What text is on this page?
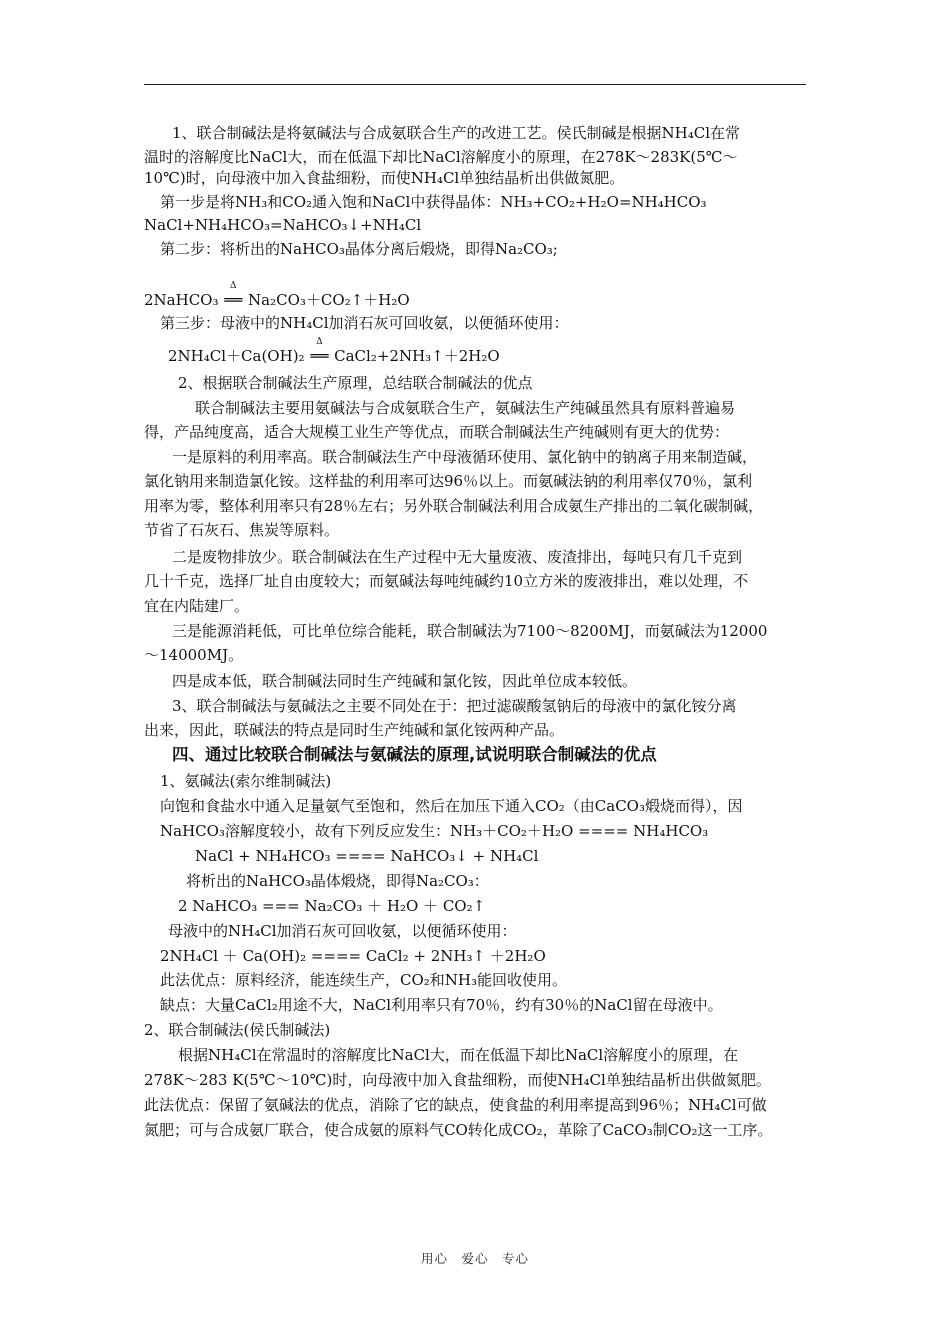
1、联合制碱法是将氨碱法与合成氨联合生产的改进工艺。侯氏制碱是根据NH₄Cl在常
温时的溶解度比NaCl大，而在低温下却比NaCl溶解度小的原理，在278K～283K(5℃～
10℃)时，向母液中加入食盐细粉，而使NH₄Cl单独结晶析出供做氮肥。
第一步是将NH₃和CO₂通入饱和NaCl中获得晶体：NH₃+CO₂+H₂O=NH₄HCO₃
NaCl+NH₄HCO₃=NaHCO₃↓+NH₄Cl
第二步：将析出的NaHCO₃晶体分离后煅烧，即得Na₂CO₃;
2NaHCO₃
Δ
══ Na₂CO₃＋CO₂↑＋H₂O
第三步：母液中的NH₄Cl加消石灰可回收氨，以便循环使用：
2NH₄Cl＋Ca(OH)₂
Δ
══ CaCl₂+2NH₃↑＋2H₂O
2、根据联合制碱法生产原理，总结联合制碱法的优点
联合制碱法主要用氨碱法与合成氨联合生产，氨碱法生产纯碱虽然具有原料普遍易
得，产品纯度高，适合大规模工业生产等优点，而联合制碱法生产纯碱则有更大的优势：
一是原料的利用率高。联合制碱法生产中母液循环使用、氯化钠中的钠离子用来制造碱，
氯化钠用来制造氯化铵。这样盐的利用率可达96％以上。而氨碱法钠的利用率仅70％，氯利
用率为零，整体利用率只有28％左右；另外联合制碱法利用合成氨生产排出的二氧化碳制碱，
节省了石灰石、焦炭等原料。
二是废物排放少。联合制碱法在生产过程中无大量废液、废渣排出，每吨只有几千克到
几十千克，选择厂址自由度较大；而氨碱法每吨纯碱约10立方米的废液排出，难以处理，不
宜在内陆建厂。
三是能源消耗低，可比单位综合能耗，联合制碱法为7100～8200MJ，而氨碱法为12000
～14000MJ。
四是成本低，联合制碱法同时生产纯碱和氯化铵，因此单位成本较低。
3、联合制碱法与氨碱法之主要不同处在于：把过滤碳酸氢钠后的母液中的氯化铵分离
出来，因此，联碱法的特点是同时生产纯碱和氯化铵两种产品。
四、通过比较联合制碱法与氨碱法的原理,试说明联合制碱法的优点
1、氨碱法(索尔维制碱法)
向饱和食盐水中通入足量氨气至饱和，然后在加压下通入CO₂（由CaCO₃煅烧而得），因
NaHCO₃溶解度较小，故有下列反应发生：NH₃＋CO₂＋H₂O ==== NH₄HCO₃
NaCl + NH₄HCO₃ ==== NaHCO₃↓ + NH₄Cl
将析出的NaHCO₃晶体煅烧，即得Na₂CO₃：
2 NaHCO₃ === Na₂CO₃ ＋ H₂O ＋ CO₂↑
母液中的NH₄Cl加消石灰可回收氨，以便循环使用：
2NH₄Cl ＋ Ca(OH)₂ ==== CaCl₂ + 2NH₃↑ ＋2H₂O
此法优点：原料经济，能连续生产，CO₂和NH₃能回收使用。
缺点：大量CaCl₂用途不大，NaCl利用率只有70％，约有30％的NaCl留在母液中。
2、联合制碱法(侯氏制碱法)
根据NH₄Cl在常温时的溶解度比NaCl大，而在低温下却比NaCl溶解度小的原理，在
278K～283 K(5℃～10℃)时，向母液中加入食盐细粉，而使NH₄Cl单独结晶析出供做氮肥。
此法优点：保留了氨碱法的优点，消除了它的缺点，使食盐的利用率提高到96％；NH₄Cl可做
氮肥；可与合成氨厂联合，使合成氨的原料气CO转化成CO₂，革除了CaCO₃制CO₂这一工序。
用心　爱心　专心
